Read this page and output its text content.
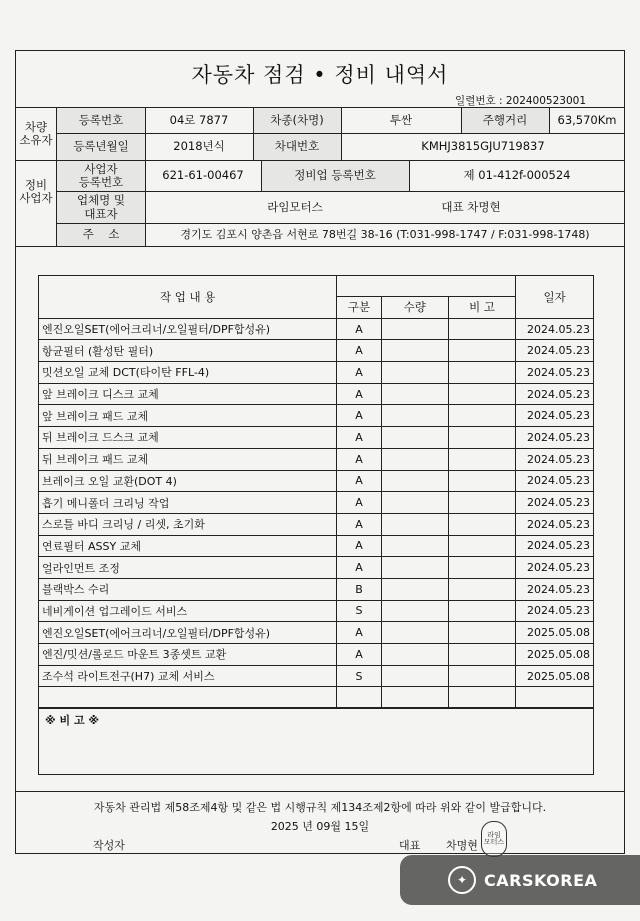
자동차 점검 • 정비 내역서
일렬번호 : 202400523001
차량
소유자
등록번호	04로 7877	차종(차명)	투싼	주행거리	63,570Km
등록년월일	2018년식	차대번호	KMHJ3815GJU719837
정비
사업자
사업자
등록번호	621-61-00467	정비업 등록번호	제 01-412f-000524
업체명 및
대표자	라임모터스	대표 차명현
주    소	경기도 김포시 양촌읍 서현로 78번길 38-16 (T:031-998-1747 / F:031-998-1748)
작 업 내 용				일자
	구분	수량	비 고	
엔진오일SET(에어크리너/오일필터/DPF합성유)	A			2024.05.23
항균필터 (활성탄 필터)	A			2024.05.23
밋션오일 교체 DCT(타이탄 FFL-4)	A			2024.05.23
앞 브레이크 디스크 교체	A			2024.05.23
앞 브레이크 패드 교체	A			2024.05.23
뒤 브레이크 드스크 교체	A			2024.05.23
뒤 브레이크 패드 교체	A			2024.05.23
브레이크 오일 교환(DOT 4)	A			2024.05.23
흡기 메니폴더 크리닝 작업	A			2024.05.23
스로틀 바디 크리닝 / 리셋, 초기화	A			2024.05.23
연료필터 ASSY 교체	A			2024.05.23
얼라인먼트 조정	A			2024.05.23
블랙박스 수리	B			2024.05.23
네비게이션 업그레이드 서비스	S			2024.05.23
엔진오일SET(에어크리너/오일필터/DPF합성유)	A			2025.05.08
엔진/밋션/롤로드 마운트 3종셋트 교환	A			2025.05.08
조수석 라이트전구(H7) 교체 서비스	S			2025.05.08

※ 비 고 ※
자동차 관리법 제58조제4항 및 같은 법 시행규칙 제134조제2항에 따라 위와 같이 발급합니다.
2025 년 09월 15일
작성자	대표 차명현
라임
모터스
✦	CARSKOREA
